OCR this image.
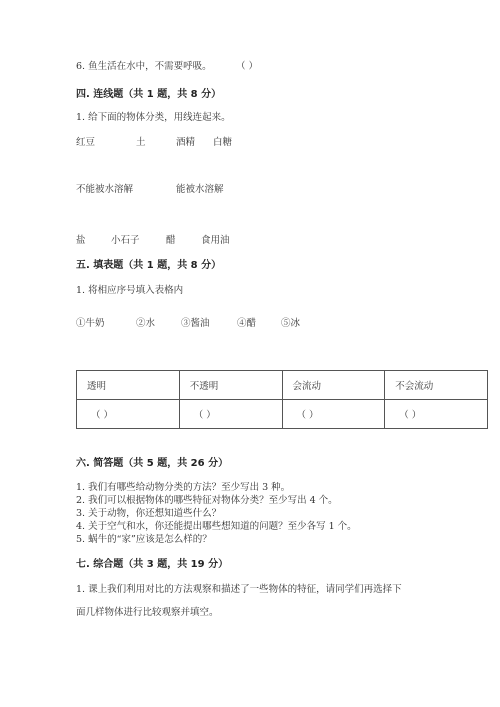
6. 鱼生活在水中，不需要呼吸。	（ ）
四. 连线题（共 1 题，共 8 分）
1. 给下面的物体分类，用线连起来。
红豆	土	酒精 白糖
不能被水溶解	能被水溶解
盐	小石子	醋	食用油
五. 填表题（共 1 题，共 8 分）
1. 将相应序号填入表格内
①牛奶	②水	③酱油	④醋	⑤冰
透明	不透明	会流动	不会流动
（ ）	（ ）	（ ）	（ ）
六. 简答题（共 5 题，共 26 分）
1. 我们有哪些给动物分类的方法？至少写出 3 种。
2. 我们可以根据物体的哪些特征对物体分类？至少写出 4 个。
3. 关于动物，你还想知道些什么？
4. 关于空气和水，你还能提出哪些想知道的问题？至少各写 1 个。
5. 蜗牛的“家”应该是怎么样的？
七. 综合题（共 3 题，共 19 分）
1. 课上我们利用对比的方法观察和描述了一些物体的特征，请同学们再选择下
面几样物体进行比较观察并填空。
